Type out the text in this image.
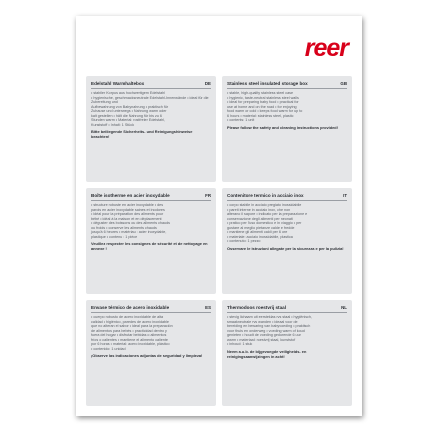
reer
Edelstahl Warmhaltebox	DE

• stabiler Korpus aus hochwertigem Edelstahl

• hygienische, geschmacksneutrale Edelstahl-Innenwände • ideal für die Zubereitung und

Aufbewahrung von Babynahrung • praktisch für

Zuhause und unterwegs • Nahrung warm oder

kalt gestellen • hält die Nahrung für bis zu 6

Stunden warm • Material: rostfreier Edelstahl,

Kunststoff • Inhalt: 1 Stück

Bitte beiliegende Sicherheits- und Reinigungshinweise beachten!
Stainless steel insulated storage box	GB

• stable, high-quality stainless steel case

• hygienic, taste-neutral stainless steel walls

• ideal for preparing baby food • practical for

use at home and on the road • for enjoying

food warm or cold • keeps food warm for up to

6 hours • material: stainless steel, plastic

• contents: 1 unit

Please follow the safety and cleaning instructions provided!
Boîte isotherme en acier inoxydable	FR

• structure robuste en acier inoxydable • des

parois en acier inoxydable saines et inodores

• idéal pour la préparation des aliments pour

bébé • idéal à la maison et en déplacement

• déguster des boissons ou des aliments chauds

ou froids • conserve les aliments chauds

jusqu'à 6 heures • matériau : acier inoxydable,

plastique • contenu : 1 pièce

Veuillez respecter les consignes de sécurité et de nettoyage en annexe !
Contenitore termico in acciaio inox	IT

• corpo stabile in acciaio pregiato inossidabile

• pareti interne in acciaio inox, che non

alterano il sapore • indicato per la preparazione e

conservazione degli alimenti per neonati

• pratico per l'uso domestico e in viaggio • per

gustare al meglio pietanze calde e fredde

• mantiene gli alimenti caldi per 6 ore

• materiale: acciaio inossidabile, plastica

• contenuto: 1 pezzo

Osservare le istruzioni allegate per la sicurezza e per la pulizia!
Envase térmico de acero inoxidable	ES

• cuerpo robusto de acero inoxidable de alta

calidad • higiénico, paredes de acero inoxidable

que no alteran el sabor • ideal para la preparación

de alimentos para bebés • practicidad dentro y

fuera del hogar • disfrutar bebidas o alimentos

fríos o calientes • mantiene el alimento caliente

por 6 horas • material: acero inoxidable, plástico

• contenido: 1 unidad

¡Observe las indicaciones adjuntas de seguridad y limpieza!
Thermodoos roestvrij staal	NL

• stevig lichaam uit eersteklas rvs staal • hygiënisch,

smaakneutrale rvs wanden • ideaal voor de

bereiding en bewaring van babyvoeding • praktisch

voor thuis en onderweg • voeding warm of koud

genieten • houdt de voeding gedurende 6 uur

warm • materiaal: roestvrij staal, kunststof

• inhoud: 1 stuk

Neem a.u.b. de bijgevoegde veiligheids- en reinigingsaanwijzingen in acht!
